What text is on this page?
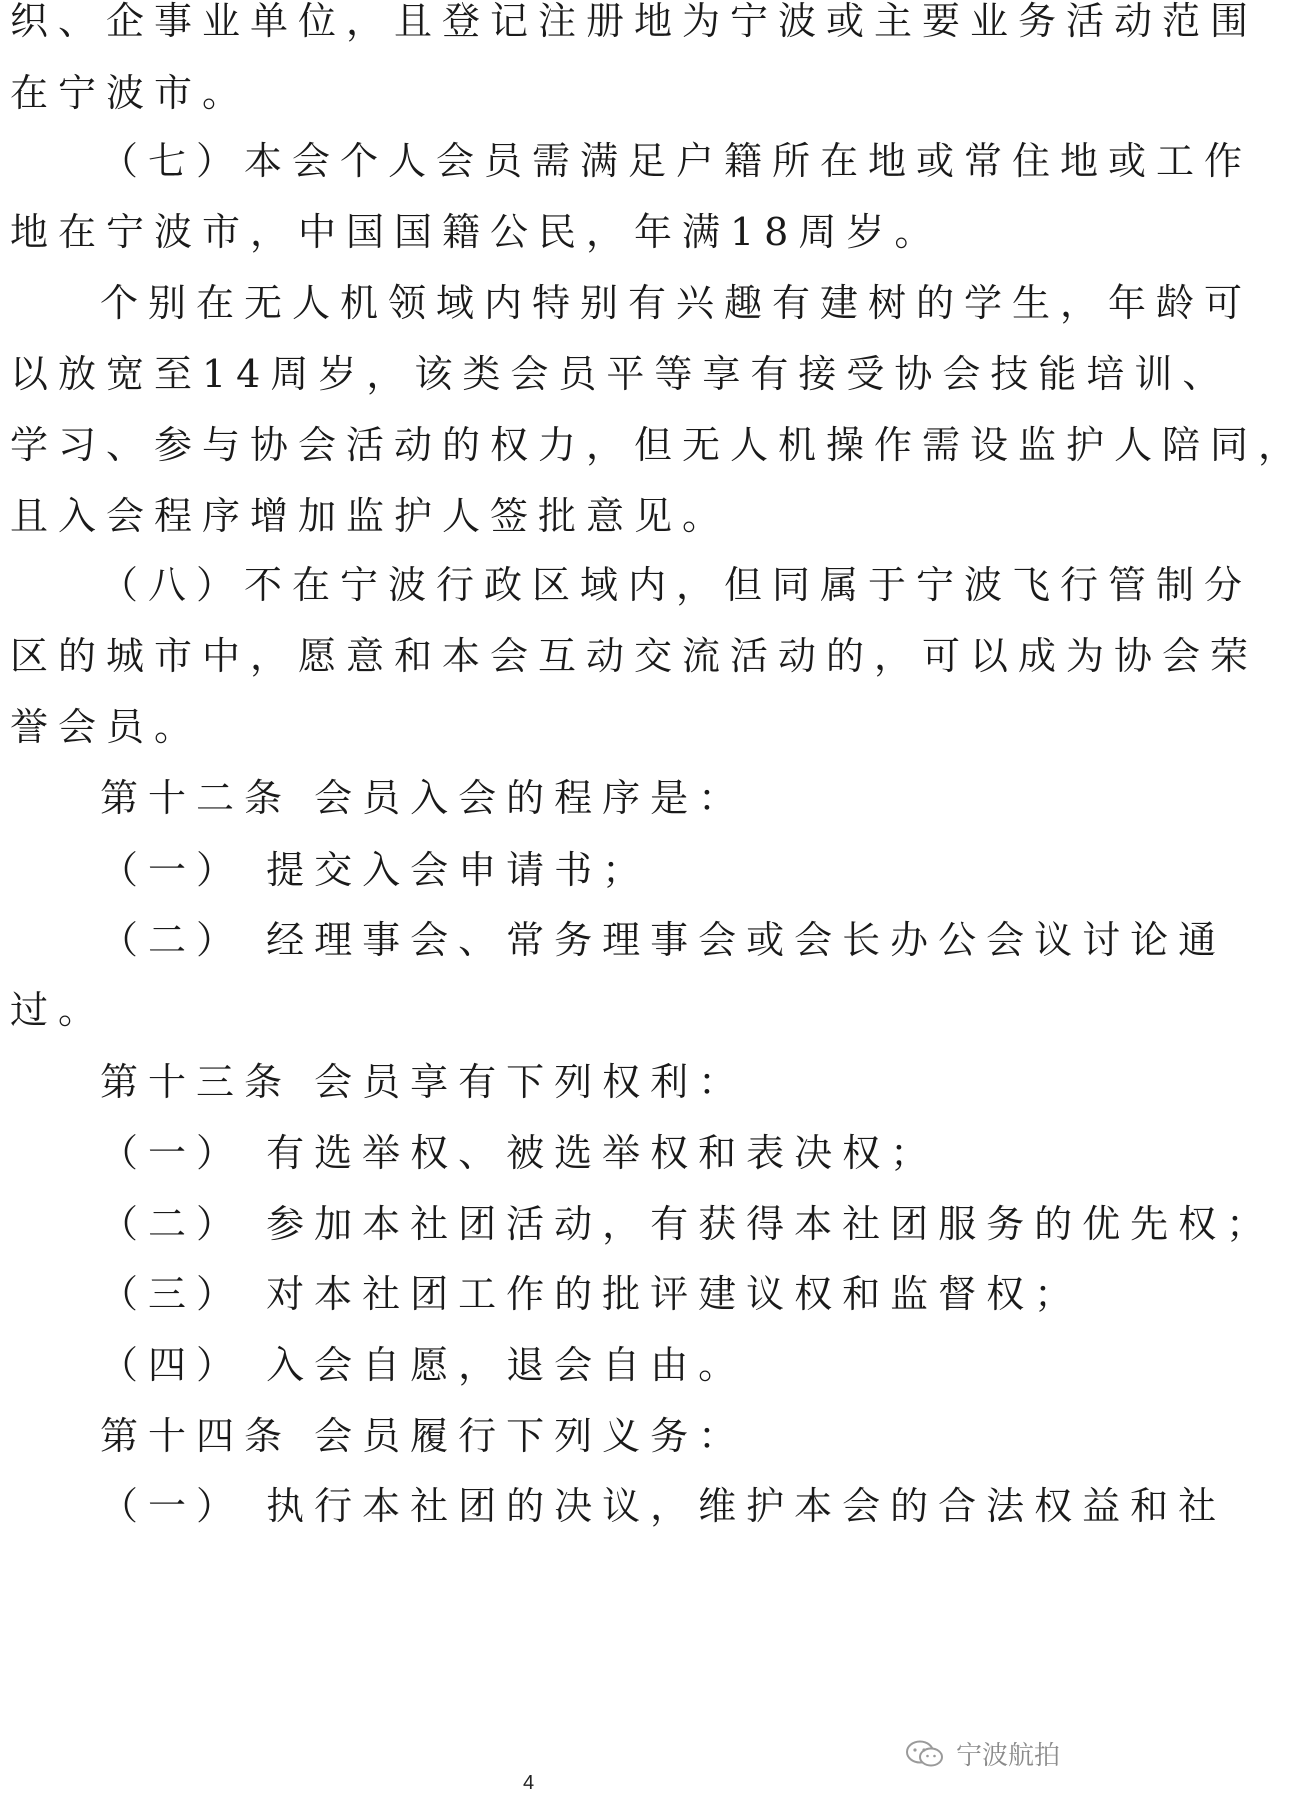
织、企事业单位，且登记注册地为宁波或主要业务活动范围
在宁波市。
（七）本会个人会员需满足户籍所在地或常住地或工作
地在宁波市，中国国籍公民，年满18周岁。
个别在无人机领域内特别有兴趣有建树的学生，年龄可
以放宽至14周岁，该类会员平等享有接受协会技能培训、
学习、参与协会活动的权力，但无人机操作需设监护人陪同，
且入会程序增加监护人签批意见。
（八）不在宁波行政区域内，但同属于宁波飞行管制分
区的城市中，愿意和本会互动交流活动的，可以成为协会荣
誉会员。
第十二条 会员入会的程序是：
（一） 提交入会申请书；
（二） 经理事会、常务理事会或会长办公会议讨论通
过。
第十三条 会员享有下列权利：
（一） 有选举权、被选举权和表决权；
（二） 参加本社团活动，有获得本社团服务的优先权；
（三） 对本社团工作的批评建议权和监督权；
（四） 入会自愿，退会自由。
第十四条 会员履行下列义务：
（一） 执行本社团的决议，维护本会的合法权益和社
宁波航拍
4
